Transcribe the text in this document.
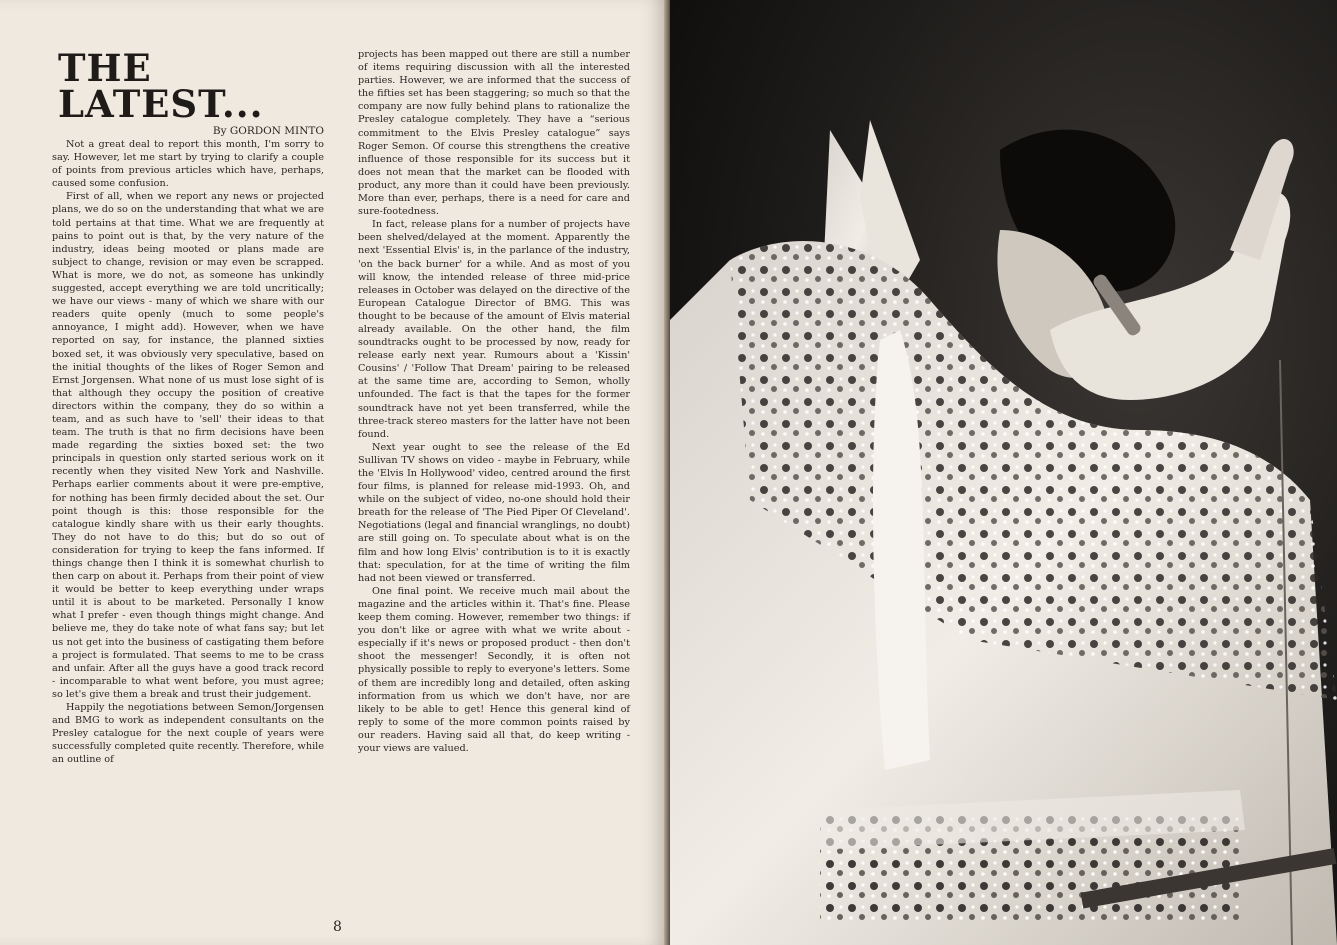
THE
LATEST...
By GORDON MINTO

Not a great deal to report this month, I'm sorry to say. However, let me start by trying to clarify a couple of points from previous articles which have, perhaps, caused some confusion.

First of all, when we report any news or projected plans, we do so on the understanding that what we are told pertains at that time. What we are frequently at pains to point out is that, by the very nature of the industry, ideas being mooted or plans made are subject to change, revision or may even be scrapped. What is more, we do not, as someone has unkindly suggested, accept everything we are told uncritically; we have our views - many of which we share with our readers quite openly (much to some people's annoyance, I might add). However, when we have reported on say, for instance, the planned sixties boxed set, it was obviously very speculative, based on the initial thoughts of the likes of Roger Semon and Ernst Jorgensen. What none of us must lose sight of is that although they occupy the position of creative directors within the company, they do so within a team, and as such have to 'sell' their ideas to that team. The truth is that no firm decisions have been made regarding the sixties boxed set: the two principals in question only started serious work on it recently when they visited New York and Nashville. Perhaps earlier comments about it were pre-emptive, for nothing has been firmly decided about the set. Our point though is this: those responsible for the catalogue kindly share with us their early thoughts. They do not have to do this; but do so out of consideration for trying to keep the fans informed. If things change then I think it is somewhat churlish to then carp on about it. Perhaps from their point of view it would be better to keep everything under wraps until it is about to be marketed. Personally I know what I prefer - even though things might change. And believe me, they do take note of what fans say; but let us not get into the business of castigating them before a project is formulated. That seems to me to be crass and unfair. After all the guys have a good track record - incomparable to what went before, you must agree; so let's give them a break and trust their judgement.

Happily the negotiations between Semon/Jorgensen and BMG to work as independent consultants on the Presley catalogue for the next couple of years were successfully completed quite recently. Therefore, while an outline of

projects has been mapped out there are still a number of items requiring discussion with all the interested parties. However, we are informed that the success of the fifties set has been staggering; so much so that the company are now fully behind plans to rationalize the Presley catalogue completely. They have a “serious commitment to the Elvis Presley catalogue” says Roger Semon. Of course this strengthens the creative influence of those responsible for its success but it does not mean that the market can be flooded with product, any more than it could have been previously. More than ever, perhaps, there is a need for care and sure-footedness.

In fact, release plans for a number of projects have been shelved/delayed at the moment. Apparently the next 'Essential Elvis' is, in the parlance of the industry, 'on the back burner' for a while. And as most of you will know, the intended release of three mid-price releases in October was delayed on the directive of the European Catalogue Director of BMG. This was thought to be because of the amount of Elvis material already available. On the other hand, the film soundtracks ought to be processed by now, ready for release early next year. Rumours about a 'Kissin' Cousins' / 'Follow That Dream' pairing to be released at the same time are, according to Semon, wholly unfounded. The fact is that the tapes for the former soundtrack have not yet been transferred, while the three-track stereo masters for the latter have not been found.

Next year ought to see the release of the Ed Sullivan TV shows on video - maybe in February, while the 'Elvis In Hollywood' video, centred around the first four films, is planned for release mid-1993. Oh, and while on the subject of video, no-one should hold their breath for the release of 'The Pied Piper Of Cleveland'. Negotiations (legal and financial wranglings, no doubt) are still going on. To speculate about what is on the film and how long Elvis' contribution is to it is exactly that: speculation, for at the time of writing the film had not been viewed or transferred.

One final point. We receive much mail about the magazine and the articles within it. That's fine. Please keep them coming. However, remember two things: if you don't like or agree with what we write about - especially if it's news or proposed product - then don't shoot the messenger! Secondly, it is often not physically possible to reply to everyone's letters. Some of them are incredibly long and detailed, often asking information from us which we don't have, nor are likely to be able to get! Hence this general kind of reply to some of the more common points raised by our readers. Having said all that, do keep writing - your views are valued.

8
